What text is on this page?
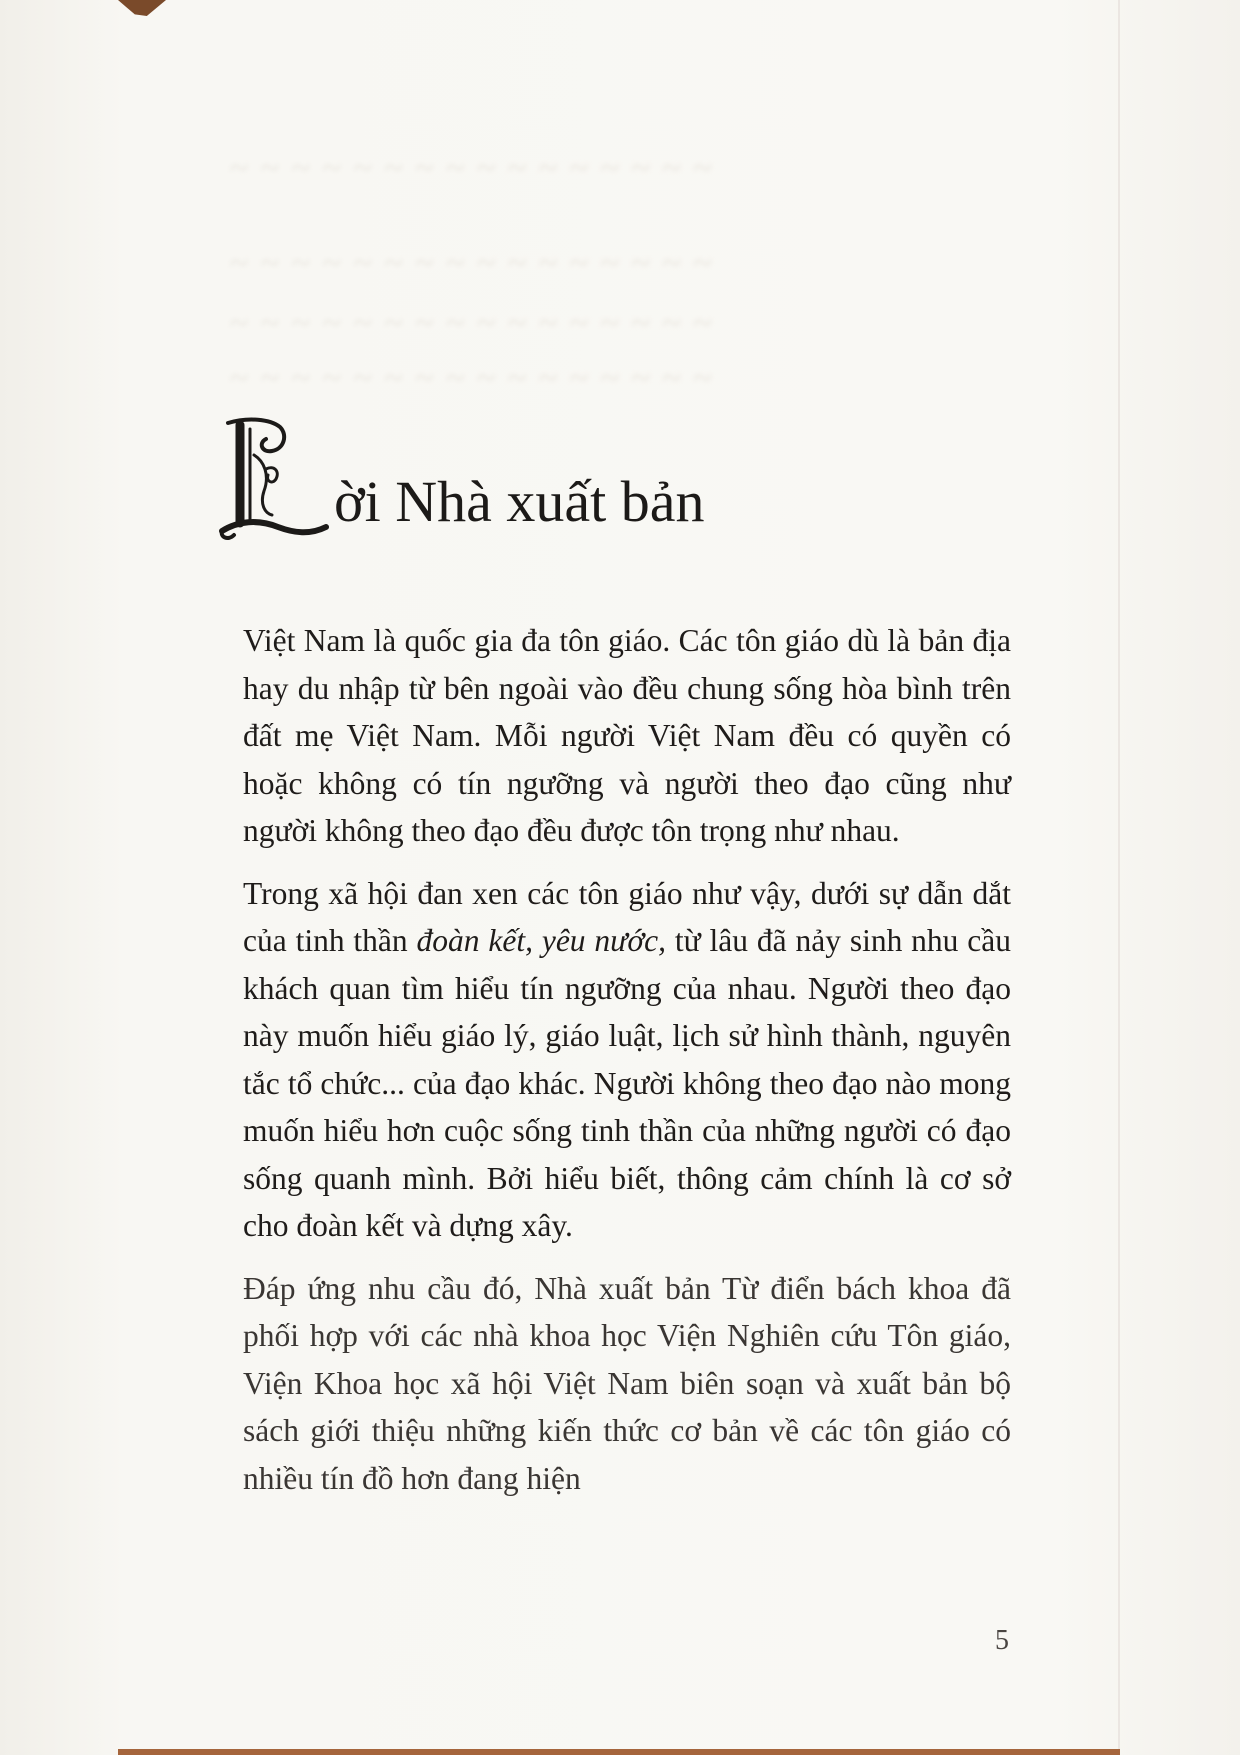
~ ~ ~ ~ ~ ~ ~ ~ ~ ~ ~ ~ ~ ~ ~ ~
~ ~ ~ ~ ~ ~ ~ ~ ~ ~ ~ ~ ~ ~ ~ ~
~ ~ ~ ~ ~ ~ ~ ~ ~ ~ ~ ~ ~ ~ ~ ~
~ ~ ~ ~ ~ ~ ~ ~ ~ ~ ~ ~ ~ ~ ~ ~
L
ời Nhà xuất bản

Việt Nam là quốc gia đa tôn giáo. Các tôn giáo dù là bản địa hay du nhập từ bên ngoài vào đều chung sống hòa bình trên đất mẹ Việt Nam. Mỗi người Việt Nam đều có quyền có hoặc không có tín ngưỡng và người theo đạo cũng như người không theo đạo đều được tôn trọng như nhau.

Trong xã hội đan xen các tôn giáo như vậy, dưới sự dẫn dắt của tinh thần đoàn kết, yêu nước, từ lâu đã nảy sinh nhu cầu khách quan tìm hiểu tín ngưỡng của nhau. Người theo đạo này muốn hiểu giáo lý, giáo luật, lịch sử hình thành, nguyên tắc tổ chức... của đạo khác. Người không theo đạo nào mong muốn hiểu hơn cuộc sống tinh thần của những người có đạo sống quanh mình. Bởi hiểu biết, thông cảm chính là cơ sở cho đoàn kết và dựng xây.

Đáp ứng nhu cầu đó, Nhà xuất bản Từ điển bách khoa đã phối hợp với các nhà khoa học Viện Nghiên cứu Tôn giáo, Viện Khoa học xã hội Việt Nam biên soạn và xuất bản bộ sách giới thiệu những kiến thức cơ bản về các tôn giáo có nhiều tín đồ hơn đang hiện

5
